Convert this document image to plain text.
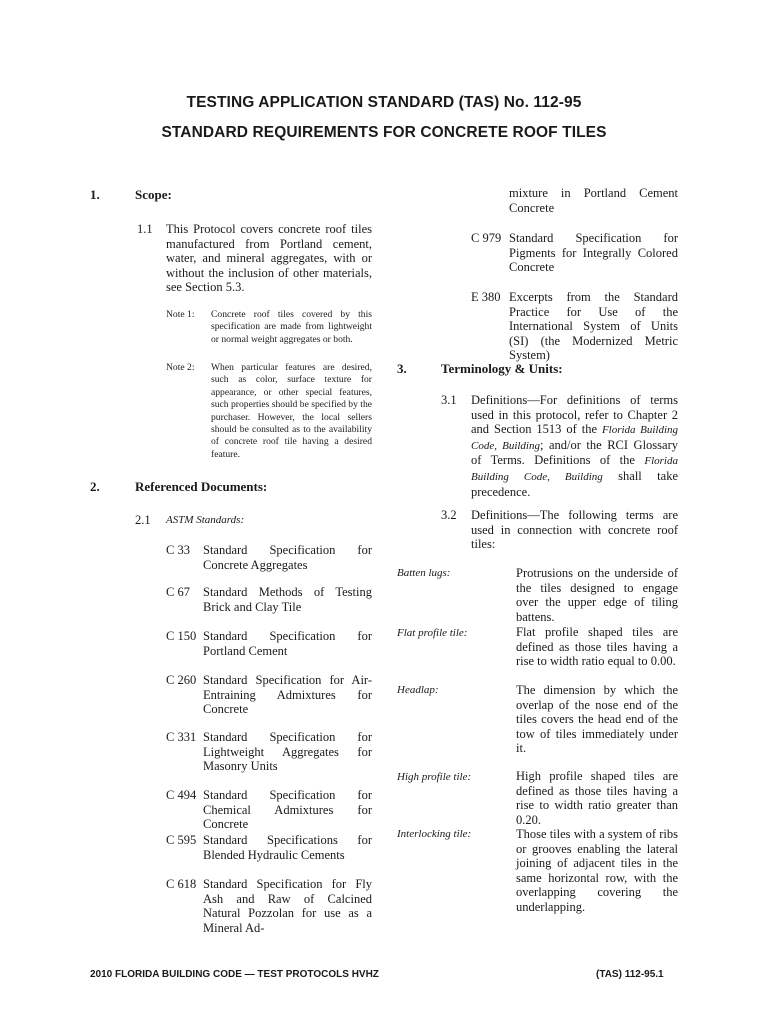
TESTING APPLICATION STANDARD (TAS) No. 112-95
STANDARD REQUIREMENTS FOR CONCRETE ROOF TILES
1.	Scope:
1.1 This Protocol covers concrete roof tiles manufactured from Portland cement, water, and mineral aggregates, with or without the inclusion of other materials, see Section 5.3.
Note 1: Concrete roof tiles covered by this specification are made from lightweight or normal weight aggregates or both.
Note 2: When particular features are desired, such as color, surface texture for appearance, or other special features, such properties should be specified by the purchaser. However, the local sellers should be consulted as to the availability of concrete roof tile having a desired feature.
2.	Referenced Documents:
2.1 ASTM Standards:
C 33 Standard Specification for Concrete Aggregates
C 67 Standard Methods of Testing Brick and Clay Tile
C 150 Standard Specification for Portland Cement
C 260 Standard Specification for Air-Entraining Admixtures for Concrete
C 331 Standard Specification for Lightweight Aggregates for Masonry Units
C 494 Standard Specification for Chemical Admixtures for Concrete
C 595 Standard Specifications for Blended Hydraulic Cements
C 618 Standard Specification for Fly Ash and Raw of Calcined Natural Pozzolan for use as a Mineral Ad-
mixture in Portland Cement Concrete
C 979 Standard Specification for Pigments for Integrally Colored Concrete
E 380 Excerpts from the Standard Practice for Use of the International System of Units (SI) (the Modernized Metric System)
3.	Terminology & Units:
3.1 Definitions—For definitions of terms used in this protocol, refer to Chapter 2 and Section 1513 of the Florida Building Code, Building; and/or the RCI Glossary of Terms. Definitions of the Florida Building Code, Building shall take precedence.
3.2 Definitions—The following terms are used in connection with concrete roof tiles:
Batten lugs:	Protrusions on the underside of the tiles designed to engage over the upper edge of tiling battens.
Flat profile tile:	Flat profile shaped tiles are defined as those tiles having a rise to width ratio equal to 0.00.
Headlap:	The dimension by which the overlap of the nose end of the tiles covers the head end of the tow of tiles immediately under it.
High profile tile:	High profile shaped tiles are defined as those tiles having a rise to width ratio greater than 0.20.
Interlocking tile:	Those tiles with a system of ribs or grooves enabling the lateral joining of adjacent tiles in the same horizontal row, with the overlapping covering the underlapping.
2010 FLORIDA BUILDING CODE — TEST PROTOCOLS HVHZ	(TAS) 112-95.1
